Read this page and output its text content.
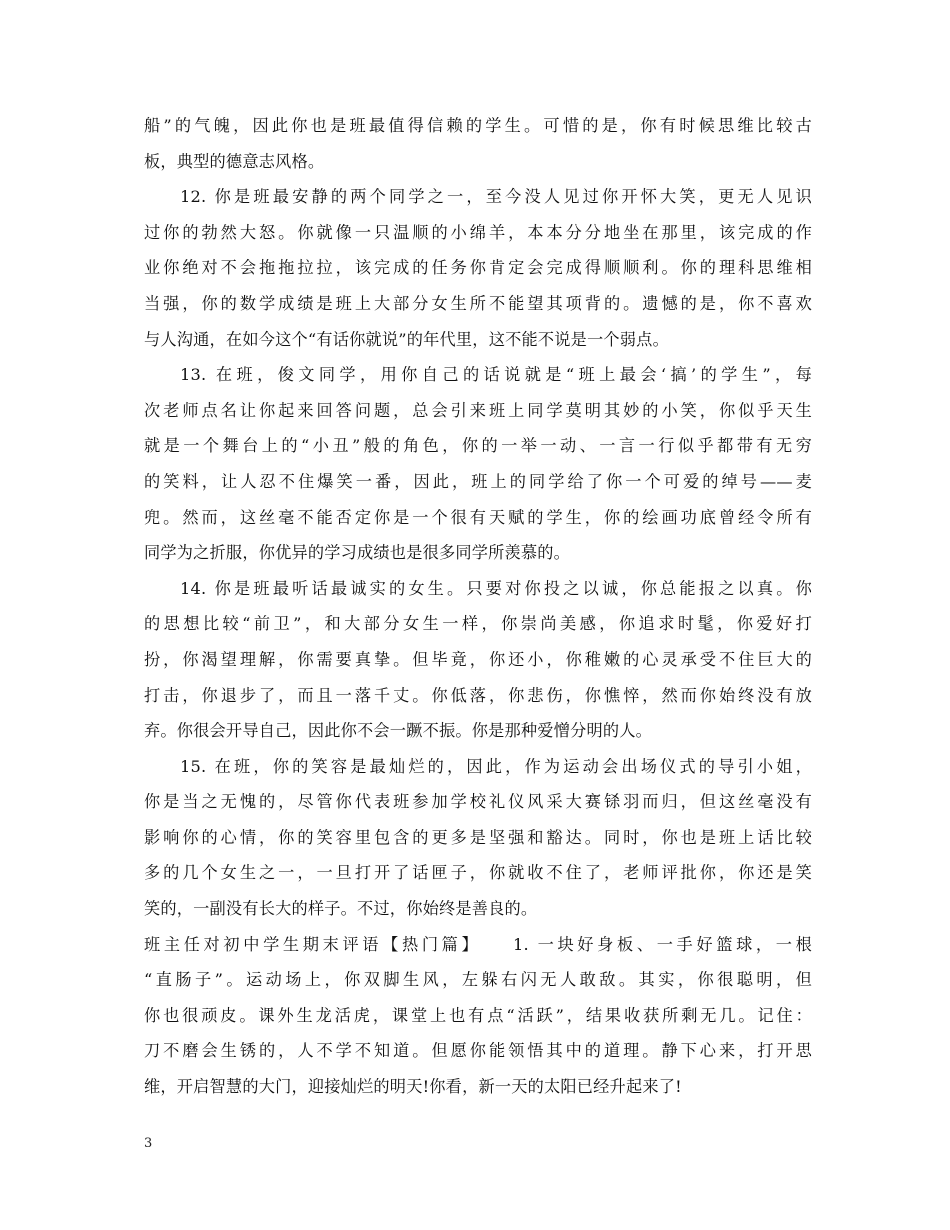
船”的气魄，因此你也是班最值得信赖的学生。可惜的是，你有时候思维比较古
板，典型的德意志风格。
12. 你是班最安静的两个同学之一，至今没人见过你开怀大笑，更无人见识
过你的勃然大怒。你就像一只温顺的小绵羊，本本分分地坐在那里，该完成的作
业你绝对不会拖拖拉拉，该完成的任务你肯定会完成得顺顺利。你的理科思维相
当强，你的数学成绩是班上大部分女生所不能望其项背的。遗憾的是，你不喜欢
与人沟通，在如今这个“有话你就说”的年代里，这不能不说是一个弱点。
13. 在班，俊文同学，用你自己的话说就是“班上最会‘搞’的学生”，每
次老师点名让你起来回答问题，总会引来班上同学莫明其妙的小笑，你似乎天生
就是一个舞台上的“小丑”般的角色，你的一举一动、一言一行似乎都带有无穷
的笑料，让人忍不住爆笑一番，因此，班上的同学给了你一个可爱的绰号——麦
兜。然而，这丝毫不能否定你是一个很有天赋的学生，你的绘画功底曾经令所有
同学为之折服，你优异的学习成绩也是很多同学所羡慕的。
14. 你是班最听话最诚实的女生。只要对你投之以诚，你总能报之以真。你
的思想比较“前卫”，和大部分女生一样，你崇尚美感，你追求时髦，你爱好打
扮，你渴望理解，你需要真挚。但毕竟，你还小，你稚嫩的心灵承受不住巨大的
打击，你退步了，而且一落千丈。你低落，你悲伤，你憔悴，然而你始终没有放
弃。你很会开导自己，因此你不会一蹶不振。你是那种爱憎分明的人。
15. 在班，你的笑容是最灿烂的，因此，作为运动会出场仪式的导引小姐，
你是当之无愧的，尽管你代表班参加学校礼仪风采大赛铩羽而归，但这丝毫没有
影响你的心情，你的笑容里包含的更多是坚强和豁达。同时，你也是班上话比较
多的几个女生之一，一旦打开了话匣子，你就收不住了，老师评批你，你还是笑
笑的，一副没有长大的样子。不过，你始终是善良的。
班主任对初中学生期末评语【热门篇】　　1. 一块好身板、一手好篮球，一根
“直肠子”。运动场上，你双脚生风，左躲右闪无人敢敌。其实，你很聪明，但
你也很顽皮。课外生龙活虎，课堂上也有点“活跃”，结果收获所剩无几。记住：
刀不磨会生锈的，人不学不知道。但愿你能领悟其中的道理。静下心来，打开思
维，开启智慧的大门，迎接灿烂的明天!你看，新一天的太阳已经升起来了!
3
